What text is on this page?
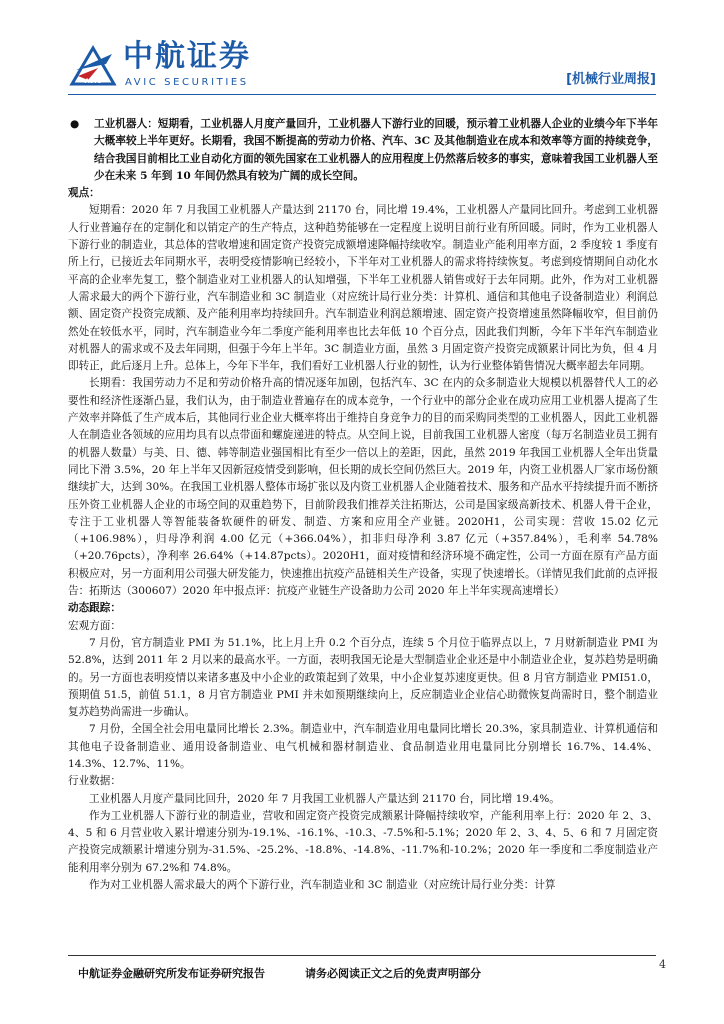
AVIC
中航证券
AVIC SECURITIES	[机械行业周报]

● 工业机器人：短期看，工业机器人月度产量回升，工业机器人下游行业的回暖，预示着工业机器人企业的业绩今年下半年大概率较上半年更好。长期看，我国不断提高的劳动力价格、汽车、3C 及其他制造业在成本和效率等方面的持续竞争，结合我国目前相比工业自动化方面的领先国家在工业机器人的应用程度上仍然落后较多的事实，意味着我国工业机器人至少在未来 5 年到 10 年间仍然具有较为广阔的成长空间。

观点：

短期看：2020 年 7 月我国工业机器人产量达到 21170 台，同比增 19.4%，工业机器人产量同比回升。考虑到工业机器人行业普遍存在的定制化和以销定产的生产特点，这种趋势能够在一定程度上说明目前行业有所回暖。同时，作为工业机器人下游行业的制造业，其总体的营收增速和固定资产投资完成额增速降幅持续收窄。制造业产能利用率方面，2 季度较 1 季度有所上行，已接近去年同期水平，表明受疫情影响已经较小，下半年对工业机器人的需求将持续恢复。考虑到疫情期间自动化水平高的企业率先复工，整个制造业对工业机器人的认知增强，下半年工业机器人销售或好于去年同期。此外，作为对工业机器人需求最大的两个下游行业，汽车制造业和 3C 制造业（对应统计局行业分类：计算机、通信和其他电子设备制造业）利润总额、固定资产投资完成额、及产能利用率均持续回升。汽车制造业利润总额增速、固定资产投资增速虽然降幅收窄，但目前仍然处在较低水平，同时，汽车制造业今年二季度产能利用率也比去年低 10 个百分点，因此我们判断，今年下半年汽车制造业对机器人的需求或不及去年同期，但强于今年上半年。3C 制造业方面，虽然 3 月固定资产投资完成额累计同比为负，但 4 月即转正，此后逐月上升。总体上，今年下半年，我们看好工业机器人行业的韧性，认为行业整体销售情况大概率超去年同期。

长期看：我国劳动力不足和劳动价格升高的情况逐年加剧，包括汽车、3C 在内的众多制造业大规模以机器替代人工的必要性和经济性逐渐凸显，我们认为，由于制造业普遍存在的成本竞争，一个行业中的部分企业在成功应用工业机器人提高了生产效率并降低了生产成本后，其他同行业企业大概率将出于维持自身竞争力的目的而采购同类型的工业机器人，因此工业机器人在制造业各领域的应用均具有以点带面和螺旋递进的特点。从空间上说，目前我国工业机器人密度（每万名制造业员工拥有的机器人数量）与美、日、德、韩等制造业强国相比有至少一倍以上的差距，因此，虽然 2019 年我国工业机器人全年出货量同比下滑 3.5%，20 年上半年又因新冠疫情受到影响，但长期的成长空间仍然巨大。2019 年，内资工业机器人厂家市场份额继续扩大，达到 30%。在我国工业机器人整体市场扩张以及内资工业机器人企业随着技术、服务和产品水平持续提升而不断挤压外资工业机器人企业的市场空间的双重趋势下，目前阶段我们推荐关注拓斯达，公司是国家级高新技术、机器人骨干企业，专注于工业机器人等智能装备软硬件的研发、制造、方案和应用全产业链。2020H1，公司实现：营收 15.02 亿元（+106.98%），归母净利润 4.00 亿元（+366.04%），扣非归母净利 3.87 亿元（+357.84%），毛利率 54.78%（+20.76pcts），净利率 26.64%（+14.87pcts）。2020H1，面对疫情和经济环境不确定性，公司一方面在原有产品方面积极应对，另一方面利用公司强大研发能力，快速推出抗疫产品链相关生产设备，实现了快速增长。（详情见我们此前的点评报告：拓斯达（300607）2020 年中报点评：抗疫产业链生产设备助力公司 2020 年上半年实现高速增长）

动态跟踪：

宏观方面：

7 月份，官方制造业 PMI 为 51.1%，比上月上升 0.2 个百分点，连续 5 个月位于临界点以上，7 月财新制造业 PMI 为 52.8%，达到 2011 年 2 月以来的最高水平。一方面，表明我国无论是大型制造业企业还是中小制造业企业，复苏趋势是明确的。另一方面也表明疫情以来诸多惠及中小企业的政策起到了效果，中小企业复苏速度更快。但 8 月官方制造业 PMI51.0，预期值 51.5，前值 51.1，8 月官方制造业 PMI 并未如预期继续向上，反应制造业企业信心助微恢复尚需时日，整个制造业复苏趋势尚需进一步确认。

7 月份，全国全社会用电量同比增长 2.3%。制造业中，汽车制造业用电量同比增长 20.3%，家具制造业、计算机通信和其他电子设备制造业、通用设备制造业、电气机械和器材制造业、食品制造业用电量同比分别增长 16.7%、14.4%、14.3%、12.7%、11%。

行业数据：

工业机器人月度产量同比回升，2020 年 7 月我国工业机器人产量达到 21170 台，同比增 19.4%。

作为工业机器人下游行业的制造业，营收和固定资产投资完成额累计降幅持续收窄，产能利用率上行：2020 年 2、3、4、5 和 6 月营业收入累计增速分别为-19.1%、-16.1%、-10.3、-7.5%和-5.1%；2020 年 2、3、4、5、6 和 7 月固定资产投资完成额累计增速分别为-31.5%、-25.2%、-18.8%、-14.8%、-11.7%和-10.2%；2020 年一季度和二季度制造业产能利用率分别为 67.2%和 74.8%。

作为对工业机器人需求最大的两个下游行业，汽车制造业和 3C 制造业（对应统计局行业分类：计算

中航证券金融研究所发布证券研究报告	请务必阅读正文之后的免责声明部分
4
